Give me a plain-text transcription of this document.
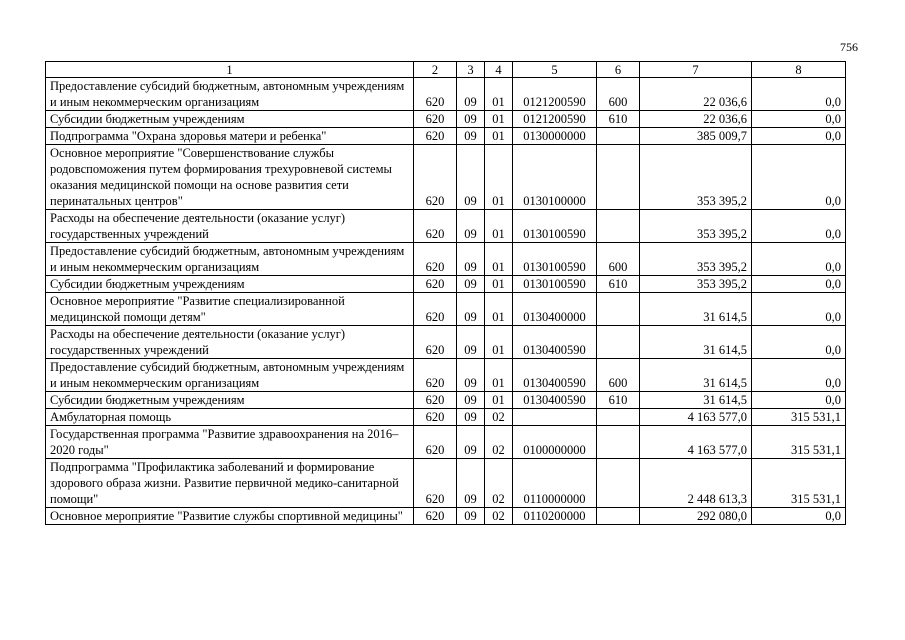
756
1	2	3	4	5	6	7	8
Предоставление субсидий бюджетным, автономным учреждениям и иным некоммерческим организациям	620	09	01	0121200590	600	22 036,6	0,0
Субсидии бюджетным учреждениям	620	09	01	0121200590	610	22 036,6	0,0
Подпрограмма "Охрана здоровья матери и ребенка"	620	09	01	0130000000		385 009,7	0,0
Основное мероприятие "Совершенствование службы родовспоможения путем формирования трехуровневой системы оказания медицинской помощи на основе развития сети перинатальных центров"	620	09	01	0130100000		353 395,2	0,0
Расходы на обеспечение деятельности (оказание услуг) государственных учреждений	620	09	01	0130100590		353 395,2	0,0
Предоставление субсидий бюджетным, автономным учреждениям и иным некоммерческим организациям	620	09	01	0130100590	600	353 395,2	0,0
Субсидии бюджетным учреждениям	620	09	01	0130100590	610	353 395,2	0,0
Основное мероприятие "Развитие специализированной медицинской помощи детям"	620	09	01	0130400000		31 614,5	0,0
Расходы на обеспечение деятельности (оказание услуг) государственных учреждений	620	09	01	0130400590		31 614,5	0,0
Предоставление субсидий бюджетным, автономным учреждениям и иным некоммерческим организациям	620	09	01	0130400590	600	31 614,5	0,0
Субсидии бюджетным учреждениям	620	09	01	0130400590	610	31 614,5	0,0
Амбулаторная помощь	620	09	02			4 163 577,0	315 531,1
Государственная программа "Развитие здравоохранения на 2016–2020 годы"	620	09	02	0100000000		4 163 577,0	315 531,1
Подпрограмма "Профилактика заболеваний и формирование здорового образа жизни. Развитие первичной медико-санитарной помощи"	620	09	02	0110000000		2 448 613,3	315 531,1
Основное мероприятие "Развитие службы спортивной медицины"	620	09	02	0110200000		292 080,0	0,0
